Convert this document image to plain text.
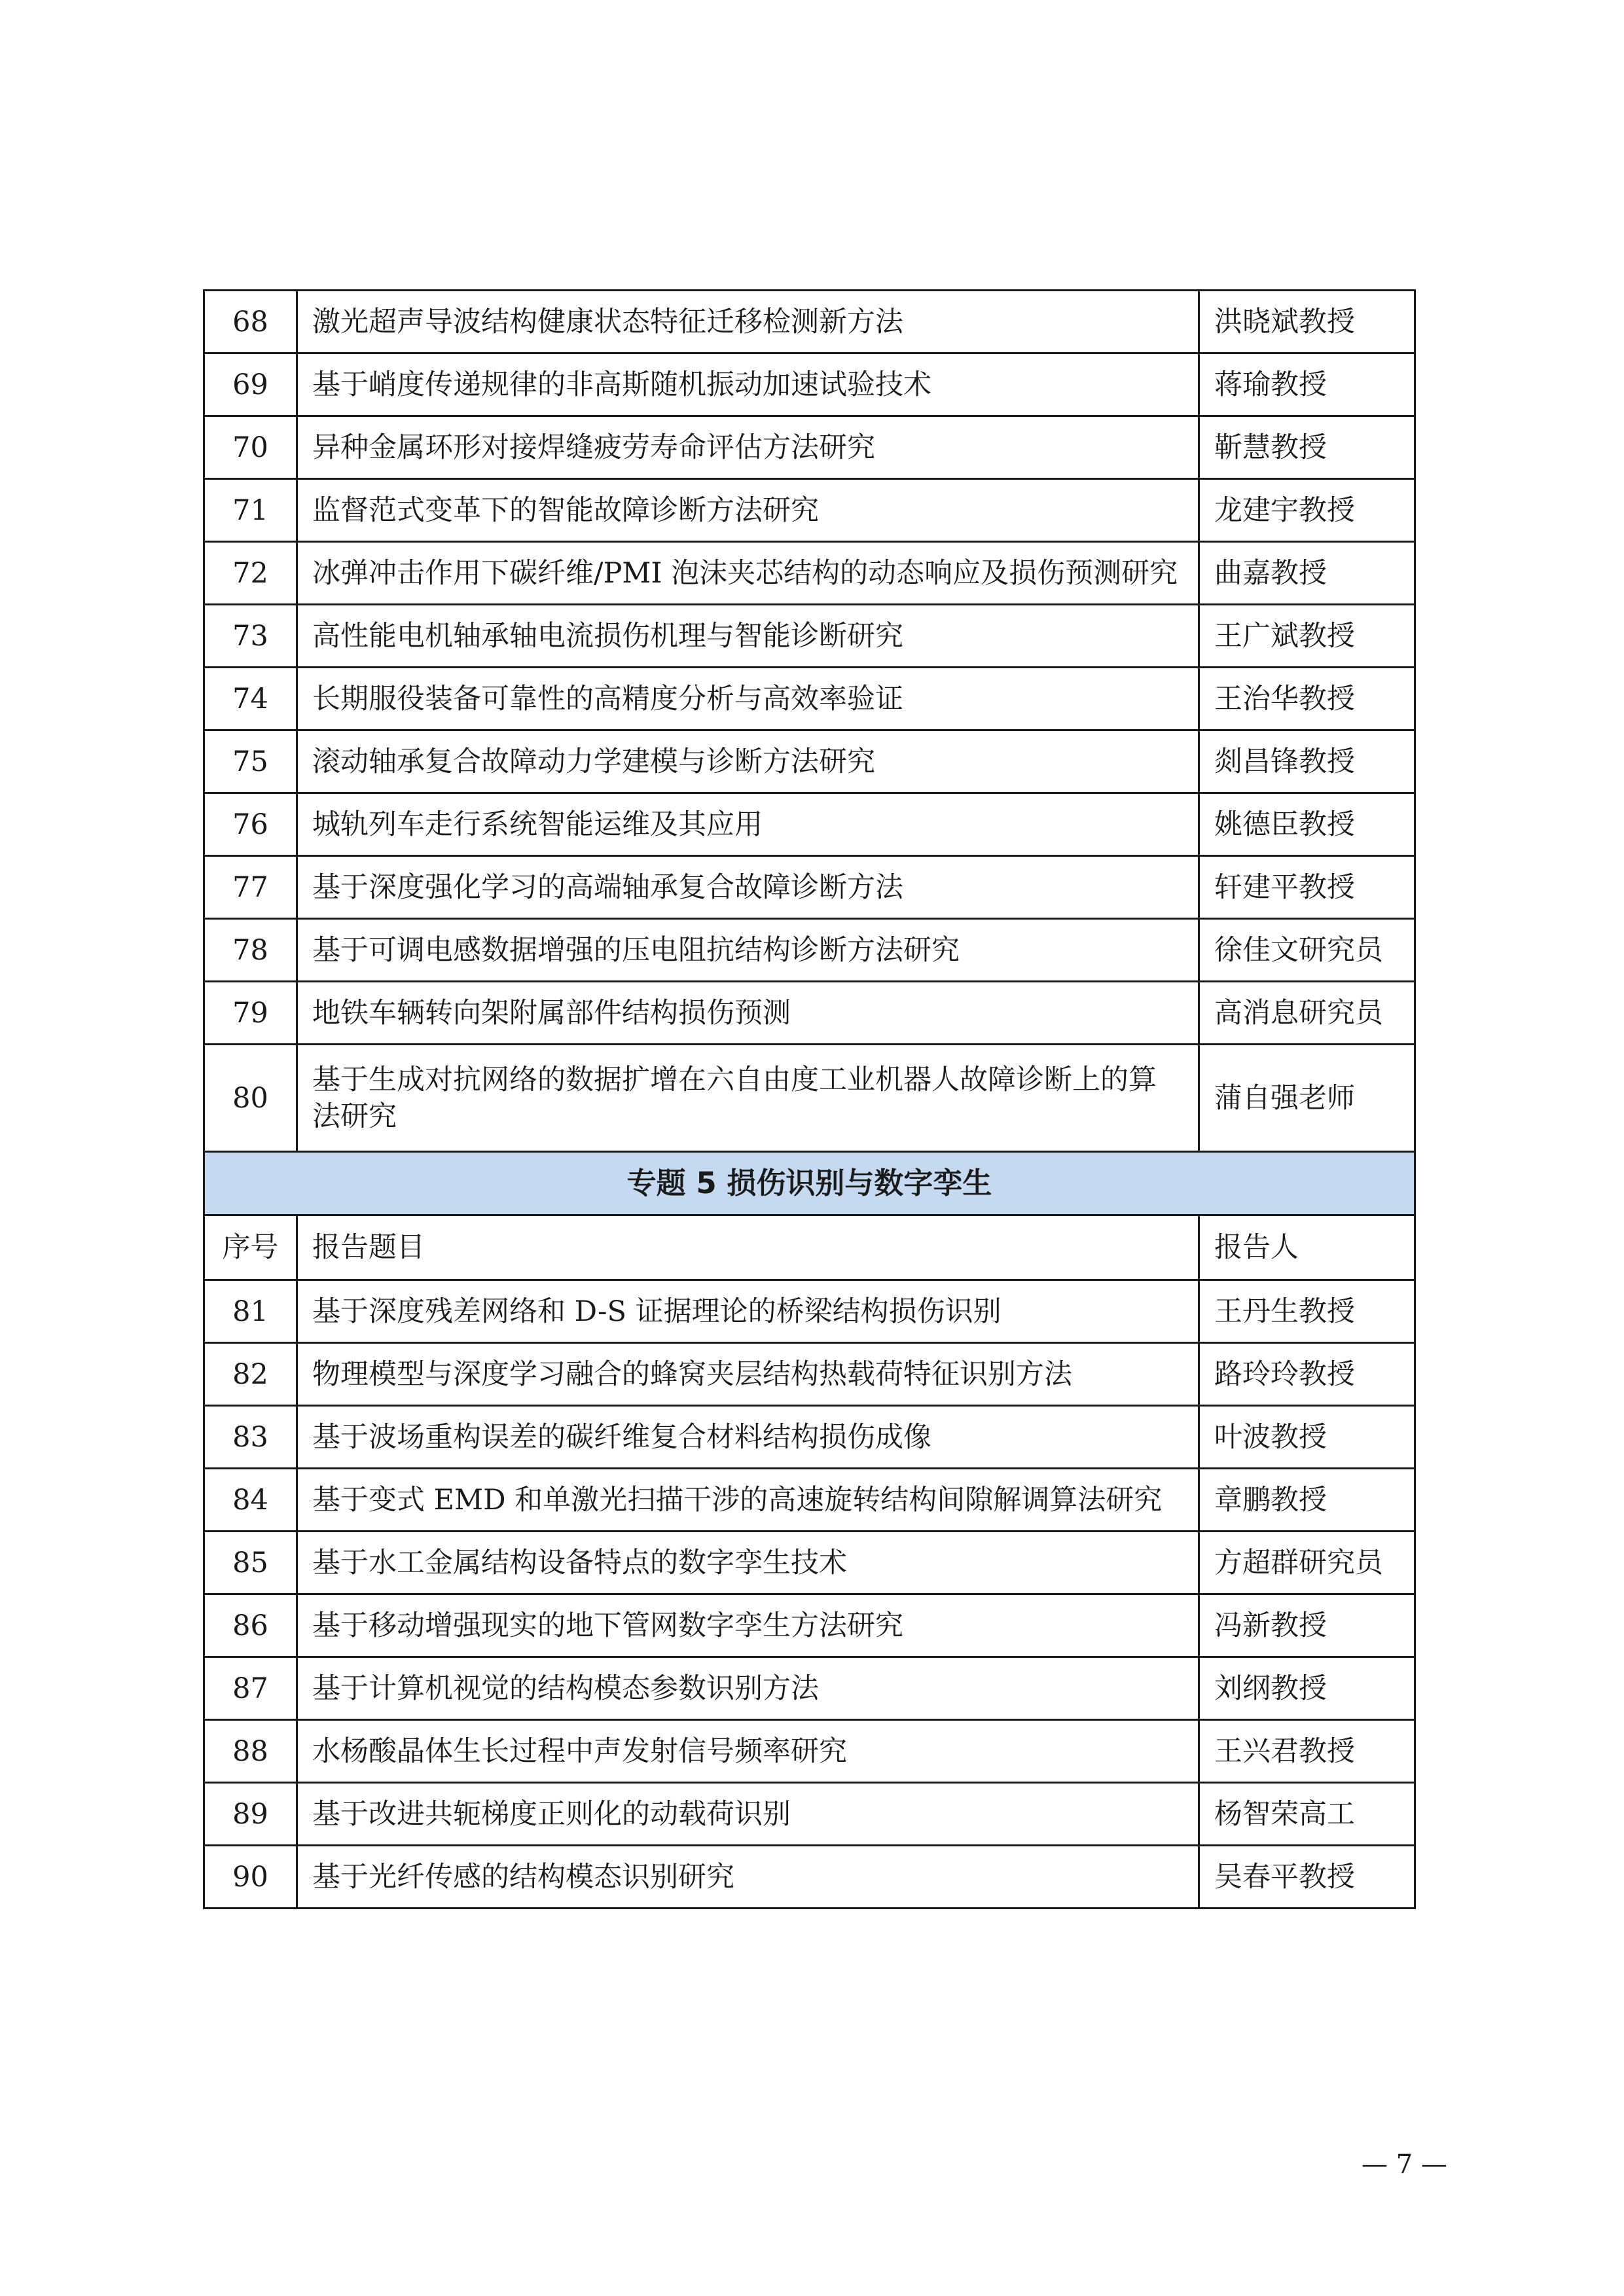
68	激光超声导波结构健康状态特征迁移检测新方法	洪晓斌教授
69	基于峭度传递规律的非高斯随机振动加速试验技术	蒋瑜教授
70	异种金属环形对接焊缝疲劳寿命评估方法研究	靳慧教授
71	监督范式变革下的智能故障诊断方法研究	龙建宇教授
72	冰弹冲击作用下碳纤维/PMI 泡沫夹芯结构的动态响应及损伤预测研究	曲嘉教授
73	高性能电机轴承轴电流损伤机理与智能诊断研究	王广斌教授
74	长期服役装备可靠性的高精度分析与高效率验证	王治华教授
75	滚动轴承复合故障动力学建模与诊断方法研究	剡昌锋教授
76	城轨列车走行系统智能运维及其应用	姚德臣教授
77	基于深度强化学习的高端轴承复合故障诊断方法	轩建平教授
78	基于可调电感数据增强的压电阻抗结构诊断方法研究	徐佳文研究员
79	地铁车辆转向架附属部件结构损伤预测	高消息研究员
80	基于生成对抗网络的数据扩增在六自由度工业机器人故障诊断上的算法研究	蒲自强老师
专题 5 损伤识别与数字孪生		
序号	报告题目	报告人
81	基于深度残差网络和 D-S 证据理论的桥梁结构损伤识别	王丹生教授
82	物理模型与深度学习融合的蜂窝夹层结构热载荷特征识别方法	路玲玲教授
83	基于波场重构误差的碳纤维复合材料结构损伤成像	叶波教授
84	基于变式 EMD 和单激光扫描干涉的高速旋转结构间隙解调算法研究	章鹏教授
85	基于水工金属结构设备特点的数字孪生技术	方超群研究员
86	基于移动增强现实的地下管网数字孪生方法研究	冯新教授
87	基于计算机视觉的结构模态参数识别方法	刘纲教授
88	水杨酸晶体生长过程中声发射信号频率研究	王兴君教授
89	基于改进共轭梯度正则化的动载荷识别	杨智荣高工
90	基于光纤传感的结构模态识别研究	吴春平教授
— 7 —
